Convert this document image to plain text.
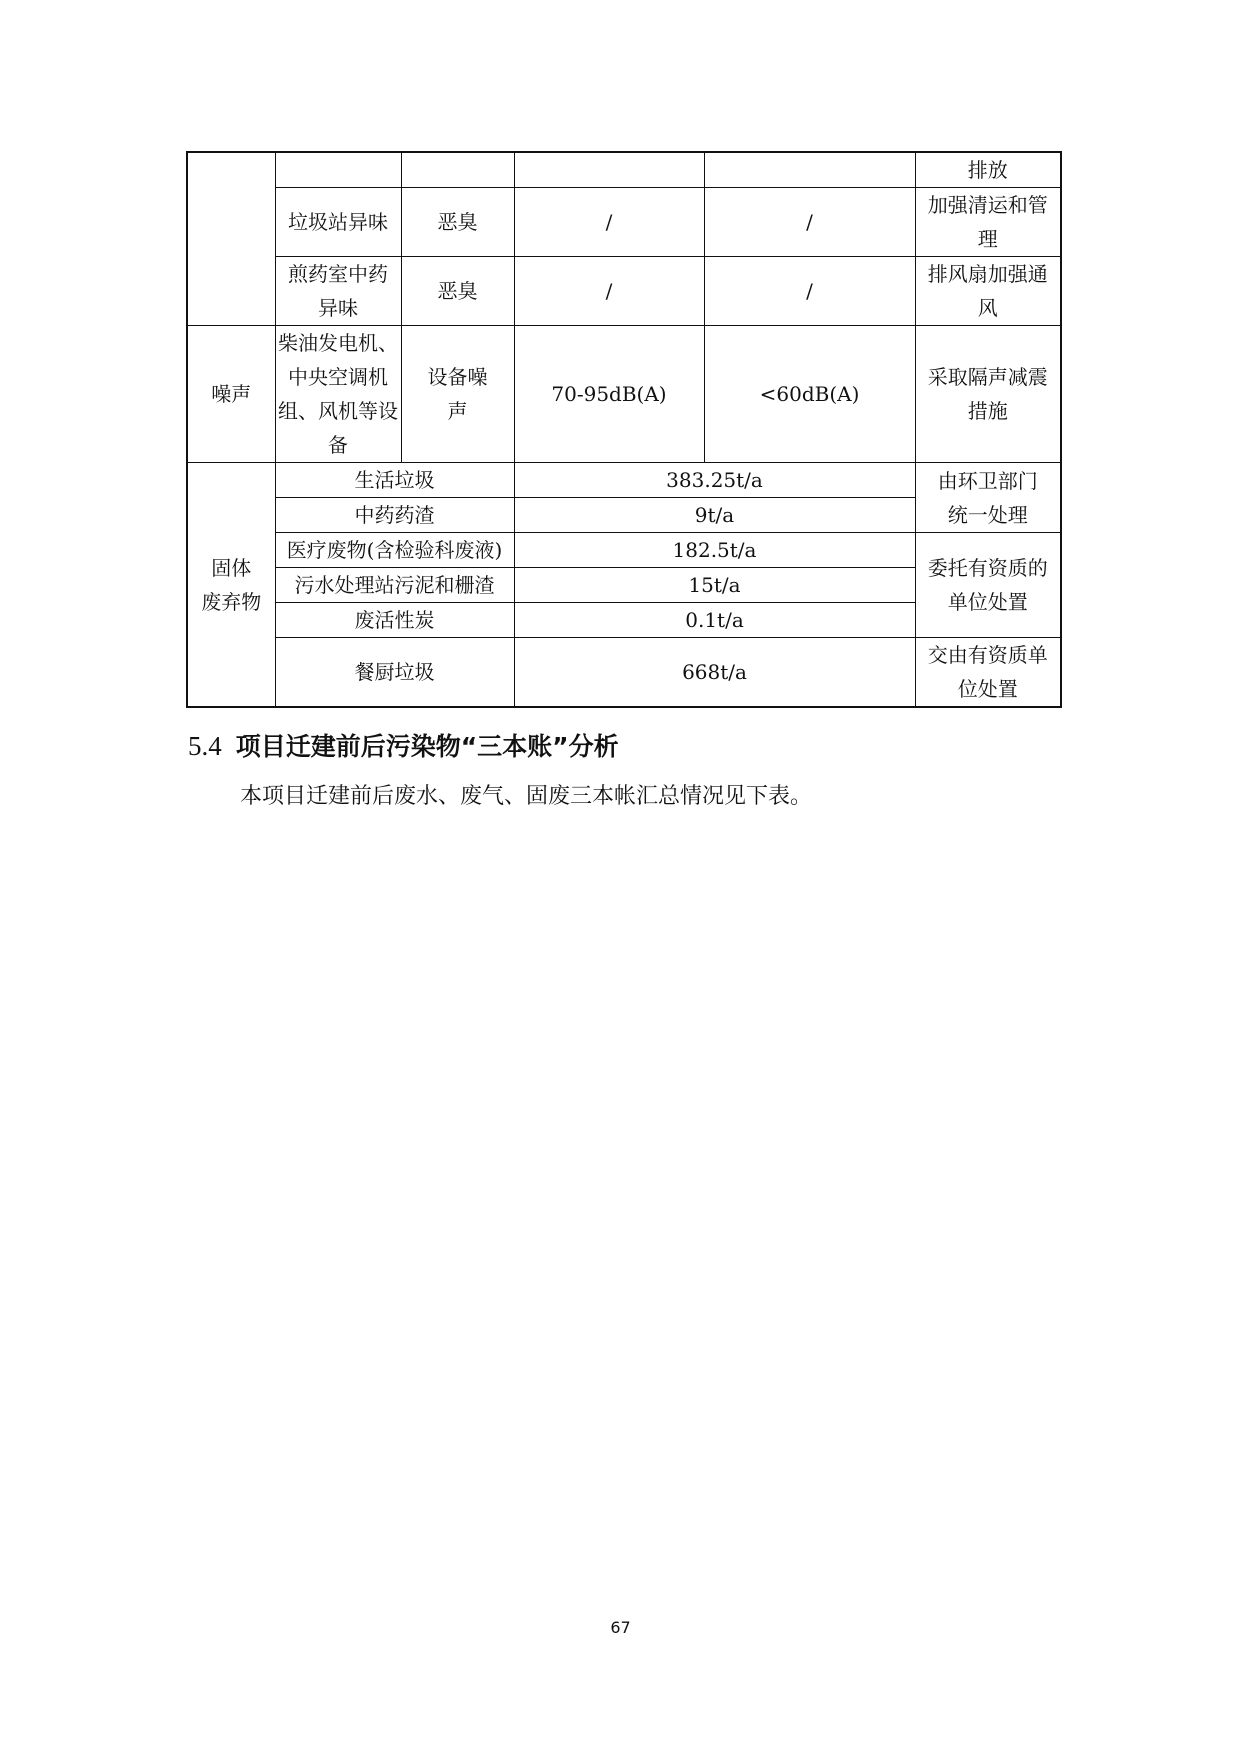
					排放
	垃圾站异味	恶臭	/	/	加强清运和管
理

	煎药室中药
异味	恶臭	/	/	排风扇加强通
风

噪声	柴油发电机、
中央空调机
组、风机等设
备	设备噪
声	70-95dB(A)	<60dB(A)	采取隔声减震
措施

固体
废弃物	生活垃圾		383.25t/a		由环卫部门
统一处理

	中药药渣		9t/a		
	医疗废物(含检验科废液)		182.5t/a		委托有资质的
单位处置

	污水处理站污泥和栅渣		15t/a		
	废活性炭		0.1t/a		
	餐厨垃圾		668t/a		交由有资质单
位处置
5.4 项目迁建前后污染物“三本账”分析
本项目迁建前后废水、废气、固废三本帐汇总情况见下表。
67
